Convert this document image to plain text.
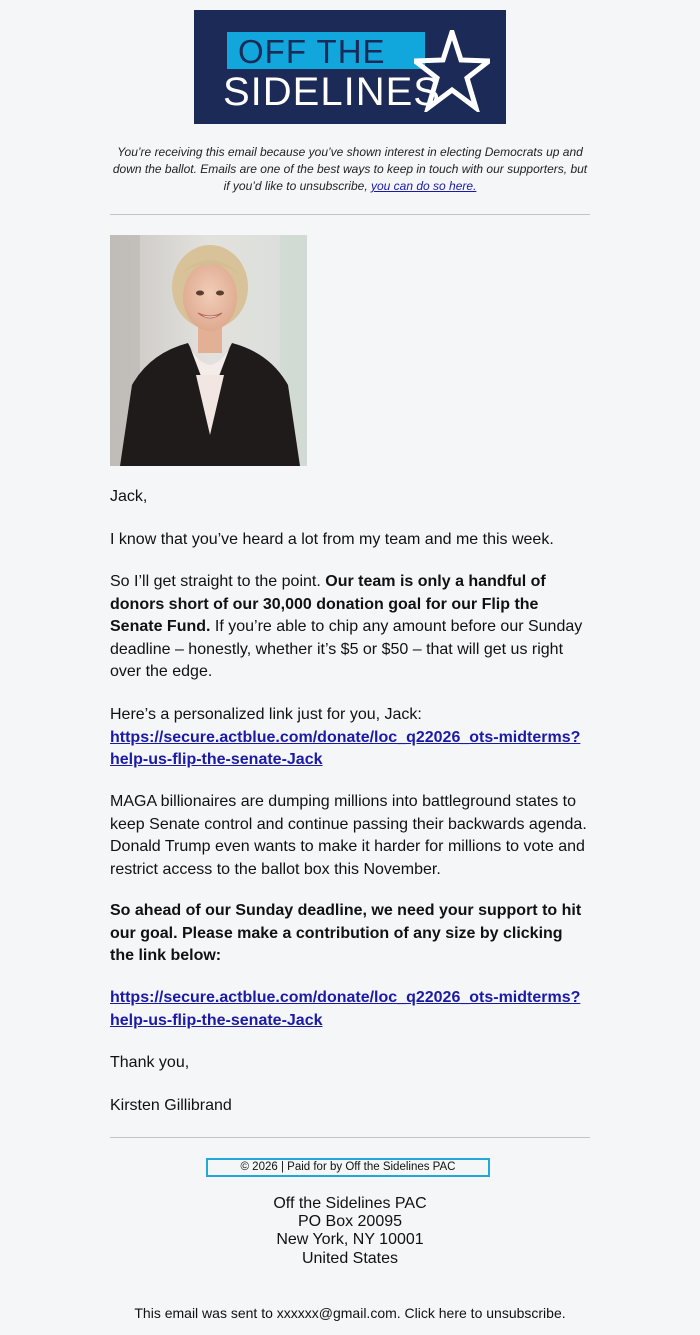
OFF THE
SIDELINES
You’re receiving this email because you’ve shown interest in electing Democrats up and down the ballot. Emails are one of the best ways to keep in touch with our supporters, but if you’d like to unsubscribe, you can do so here.
Jack,
I know that you’ve heard a lot from my team and me this week.

So I’ll get straight to the point. Our team is only a handful of donors short of our 30,000 donation goal for our Flip the Senate Fund. If you’re able to chip any amount before our Sunday deadline – honestly, whether it’s $5 or $50 – that will get us right over the edge.

Here’s a personalized link just for you, Jack:

https://secure.actblue.com/donate/loc_q22026_ots-midterms?help-us-flip-the-senate-Jack

MAGA billionaires are dumping millions into battleground states to keep Senate control and continue passing their backwards agenda. Donald Trump even wants to make it harder for millions to vote and restrict access to the ballot box this November.
So ahead of our Sunday deadline, we need your support to hit our goal. Please make a contribution of any size by clicking the link below:
https://secure.actblue.com/donate/loc_q22026_ots-midterms?help-us-flip-the-senate-Jack
Thank you,
Kirsten Gillibrand
© 2026 | Paid for by Off the Sidelines PAC
Off the Sidelines PAC
PO Box 20095
New York, NY 10001
United States
This email was sent to xxxxxx@gmail.com. Click here to unsubscribe.
